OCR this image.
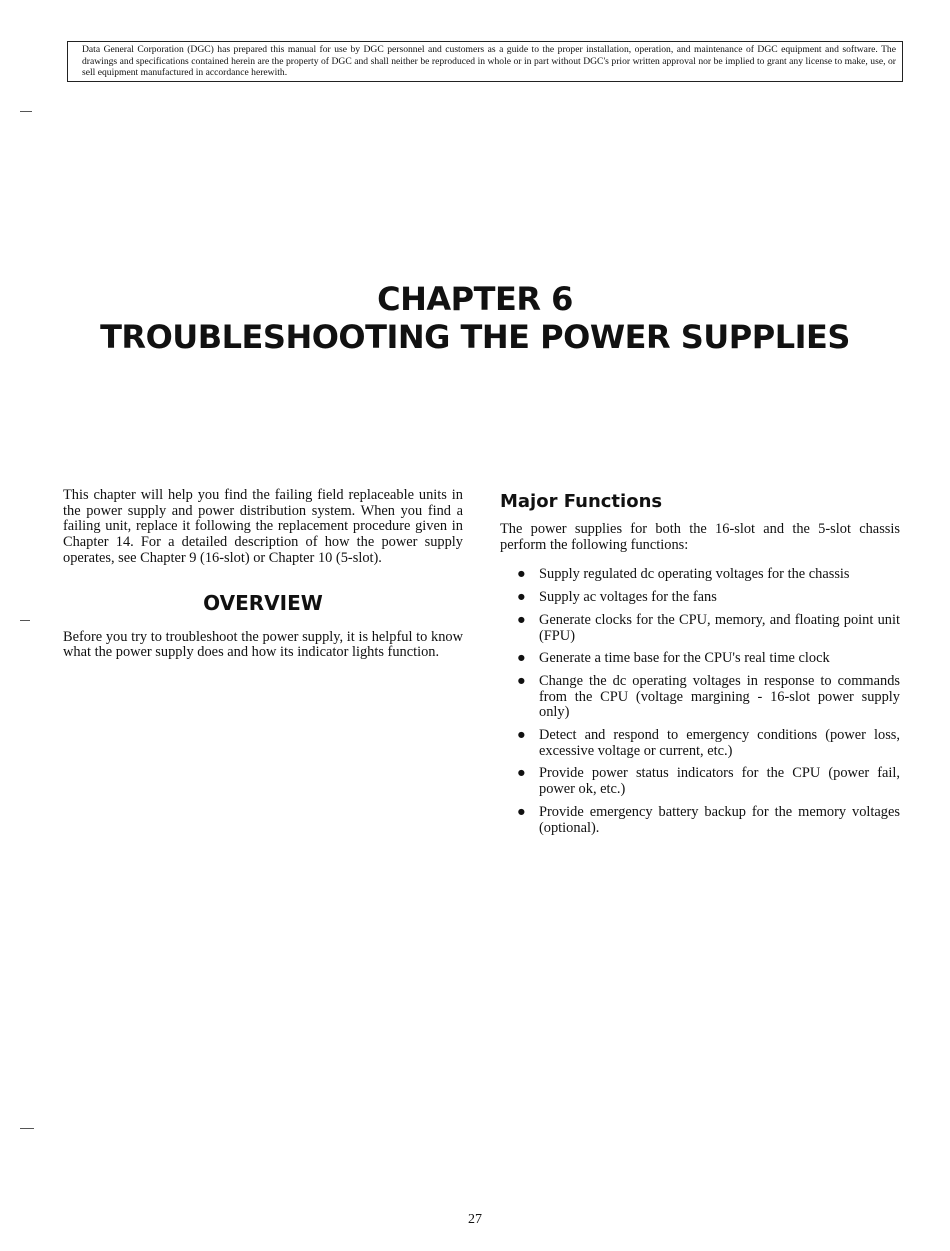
Data General Corporation (DGC) has prepared this manual for use by DGC personnel and customers as a guide to the proper installation, operation, and maintenance of DGC equipment and software. The drawings and specifications contained herein are the property of DGC and shall neither be reproduced in whole or in part without DGC's prior written approval nor be implied to grant any license to make, use, or sell equipment manufactured in accordance herewith.
CHAPTER 6
TROUBLESHOOTING THE POWER SUPPLIES

This chapter will help you find the failing field replaceable units in the power supply and power distribution system. When you find a failing unit, replace it following the replacement procedure given in Chapter 14. For a detailed description of how the power supply operates, see Chapter 9 (16-slot) or Chapter 10 (5-slot).

OVERVIEW

Before you try to troubleshoot the power supply, it is helpful to know what the power supply does and how its indicator lights function.

Major Functions

The power supplies for both the 16-slot and the 5-slot chassis perform the following functions:

● Supply regulated dc operating voltages for the chassis
● Supply ac voltages for the fans
● Generate clocks for the CPU, memory, and floating point unit (FPU)
● Generate a time base for the CPU's real time clock
● Change the dc operating voltages in response to commands from the CPU (voltage margining - 16-slot power supply only)
● Detect and respond to emergency conditions (power loss, excessive voltage or current, etc.)
● Provide power status indicators for the CPU (power fail, power ok, etc.)
● Provide emergency battery backup for the memory voltages (optional).
27
